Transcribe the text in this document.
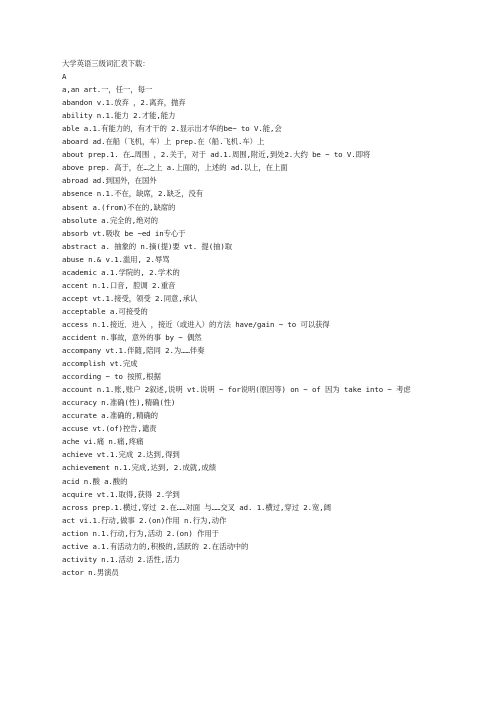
大学英语三级词汇表下载：

A

a,an art.一，任一，每一

abandon v.1.放弃 ，2.离弃，抛弃

ability n.1.能力 2.才能,能力

able a.1.有能力的，有才干的 2.显示出才华的be~ to V.能,会

aboard ad.在船（飞机，车）上 prep.在（船.飞机.车）上

about prep.1. 在…周围 ，2.关于，对于 ad.1.周围,附近,到处2.大约 be ~ to V.即将

above prep. 高于，在…之上 a.上面的，上述的 ad.以上，在上面

abroad ad.到国外，在国外

absence n.1.不在，缺席，2.缺乏，没有

absent a.(from)不在的,缺席的

absolute a.完全的,绝对的

absorb vt.吸收 be ~ed in专心于

abstract a. 抽象的 n.摘(提)要 vt. 提(抽)取

abuse n.& v.1.滥用, 2.辱骂

academic a.1.学院的, 2.学术的

accent n.1.口音, 腔调 2.重音

accept vt.1.接受，领受 2.同意,承认

acceptable a.可接受的

access n.1.接近．进入 ，接近（或进入）的方法 have/gain ~ to 可以获得

accident n.事故，意外的事 by ~ 偶然

accompany vt.1.伴随,陪同 2.为……伴奏

accomplish vt.完成

according ~ to 按照,根据

account n.1.账,账户 2叙述,说明 vt.说明 ~ for说明(原因等) on ~ of 因为 take into ~ 考虑

accuracy n.准确(性),精确(性)

accurate a.准确的,精确的

accuse vt.(of)控告,谴责

ache vi.痛 n.痛,疼痛

achieve vt.1.完成 2.达到,得到

achievement n.1.完成,达到, 2.成就,成绩

acid n.酸 a.酸的

acquire vt.1.取得,获得 2.学到

across prep.1.横过,穿过 2.在……对面 与……交叉 ad. 1.横过,穿过 2.宽,阔

act vi.1.行动,做事 2.(on)作用 n.行为,动作

action n.1.行动,行为,活动 2.(on) 作用于

active a.1.有活动力的,积极的,活跃的 2.在活动中的

activity n.1.活动 2.活性,活力

actor n.男演员
